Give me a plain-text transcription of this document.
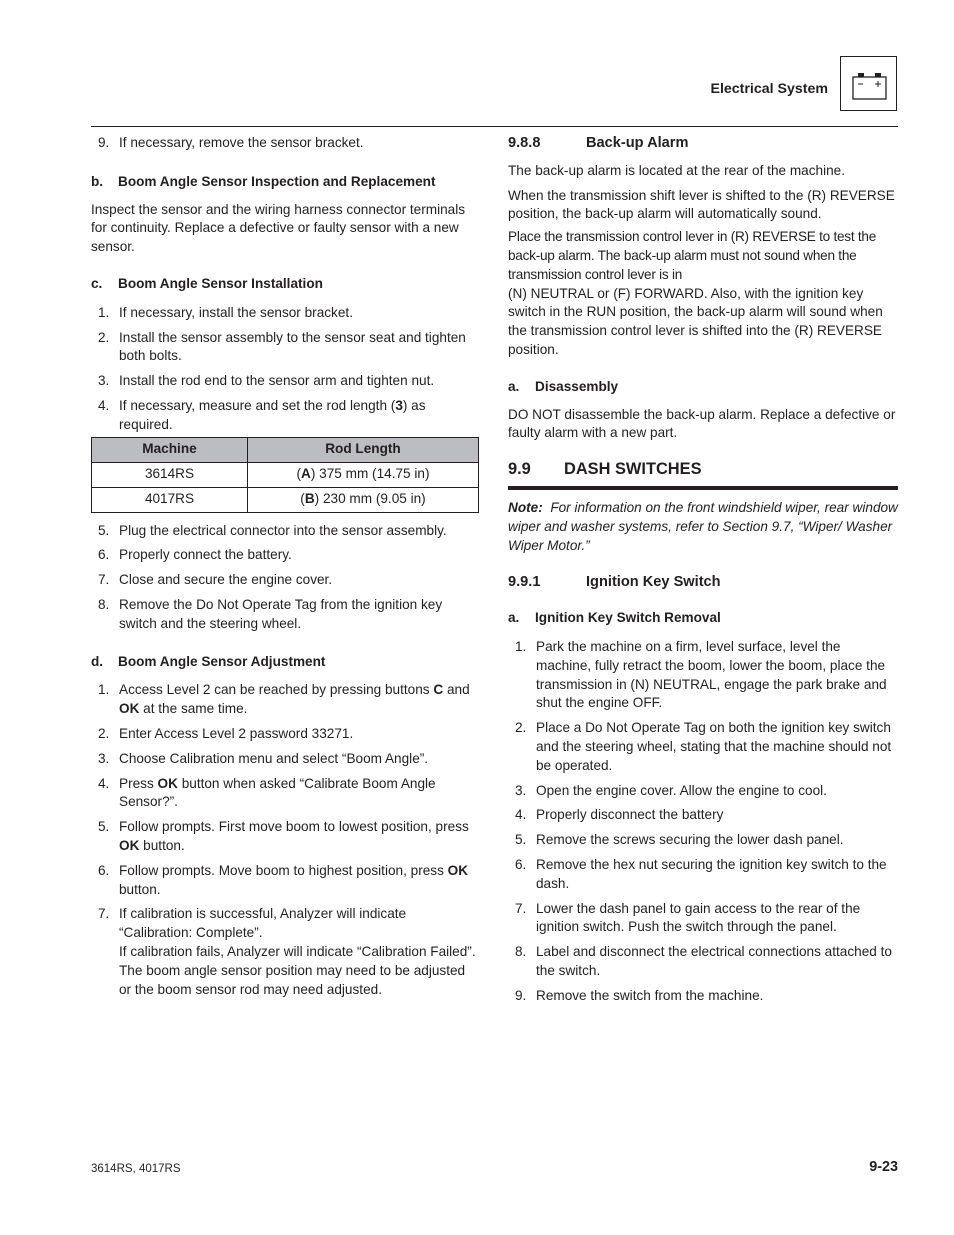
Electrical System
9. If necessary, remove the sensor bracket.
b.	Boom Angle Sensor Inspection and Replacement

Inspect the sensor and the wiring harness connector terminals for continuity. Replace a defective or faulty sensor with a new sensor.

c.	Boom Angle Sensor Installation
1. If necessary, install the sensor bracket.
2. Install the sensor assembly to the sensor seat and tighten both bolts.
3. Install the rod end to the sensor arm and tighten nut.
4. If necessary, measure and set the rod length (3) as required.
Machine	Rod Length
3614RS	(A) 375 mm (14.75 in)
4017RS	(B) 230 mm (9.05 in)
5. Plug the electrical connector into the sensor assembly.
6. Properly connect the battery.
7. Close and secure the engine cover.
8. Remove the Do Not Operate Tag from the ignition key switch and the steering wheel.
d.	Boom Angle Sensor Adjustment
1. Access Level 2 can be reached by pressing buttons C and OK at the same time.
2. Enter Access Level 2 password 33271.
3. Choose Calibration menu and select “Boom Angle”.
4. Press OK button when asked “Calibrate Boom Angle Sensor?”.
5. Follow prompts. First move boom to lowest position, press OK button.
6. Follow prompts. Move boom to highest position, press OK button.
7. If calibration is successful, Analyzer will indicate “Calibration: Complete”.
If calibration fails, Analyzer will indicate “Calibration Failed”. The boom angle sensor position may need to be adjusted or the boom sensor rod may need adjusted.
9.8.8	Back-up Alarm

The back-up alarm is located at the rear of the machine.

When the transmission shift lever is shifted to the (R) REVERSE position, the back-up alarm will automatically sound.

Place the transmission control lever in (R) REVERSE to test the back-up alarm. The back-up alarm must not sound when the transmission control lever is in

(N) NEUTRAL or (F) FORWARD. Also, with the ignition key switch in the RUN position, the back-up alarm will sound when the transmission control lever is shifted into the (R) REVERSE position.

a.	Disassembly

DO NOT disassemble the back-up alarm. Replace a defective or faulty alarm with a new part.

9.9	DASH SWITCHES

Note: For information on the front windshield wiper, rear window wiper and washer systems, refer to Section 9.7, “Wiper/ Washer Wiper Motor.”

9.9.1	Ignition Key Switch
a.	Ignition Key Switch Removal
1. Park the machine on a firm, level surface, level the machine, fully retract the boom, lower the boom, place the transmission in (N) NEUTRAL, engage the park brake and shut the engine OFF.
2. Place a Do Not Operate Tag on both the ignition key switch and the steering wheel, stating that the machine should not be operated.
3. Open the engine cover. Allow the engine to cool.
4. Properly disconnect the battery
5. Remove the screws securing the lower dash panel.
6. Remove the hex nut securing the ignition key switch to the dash.
7. Lower the dash panel to gain access to the rear of the ignition switch. Push the switch through the panel.
8. Label and disconnect the electrical connections attached to the switch.
9. Remove the switch from the machine.
3614RS, 4017RS	9-23
